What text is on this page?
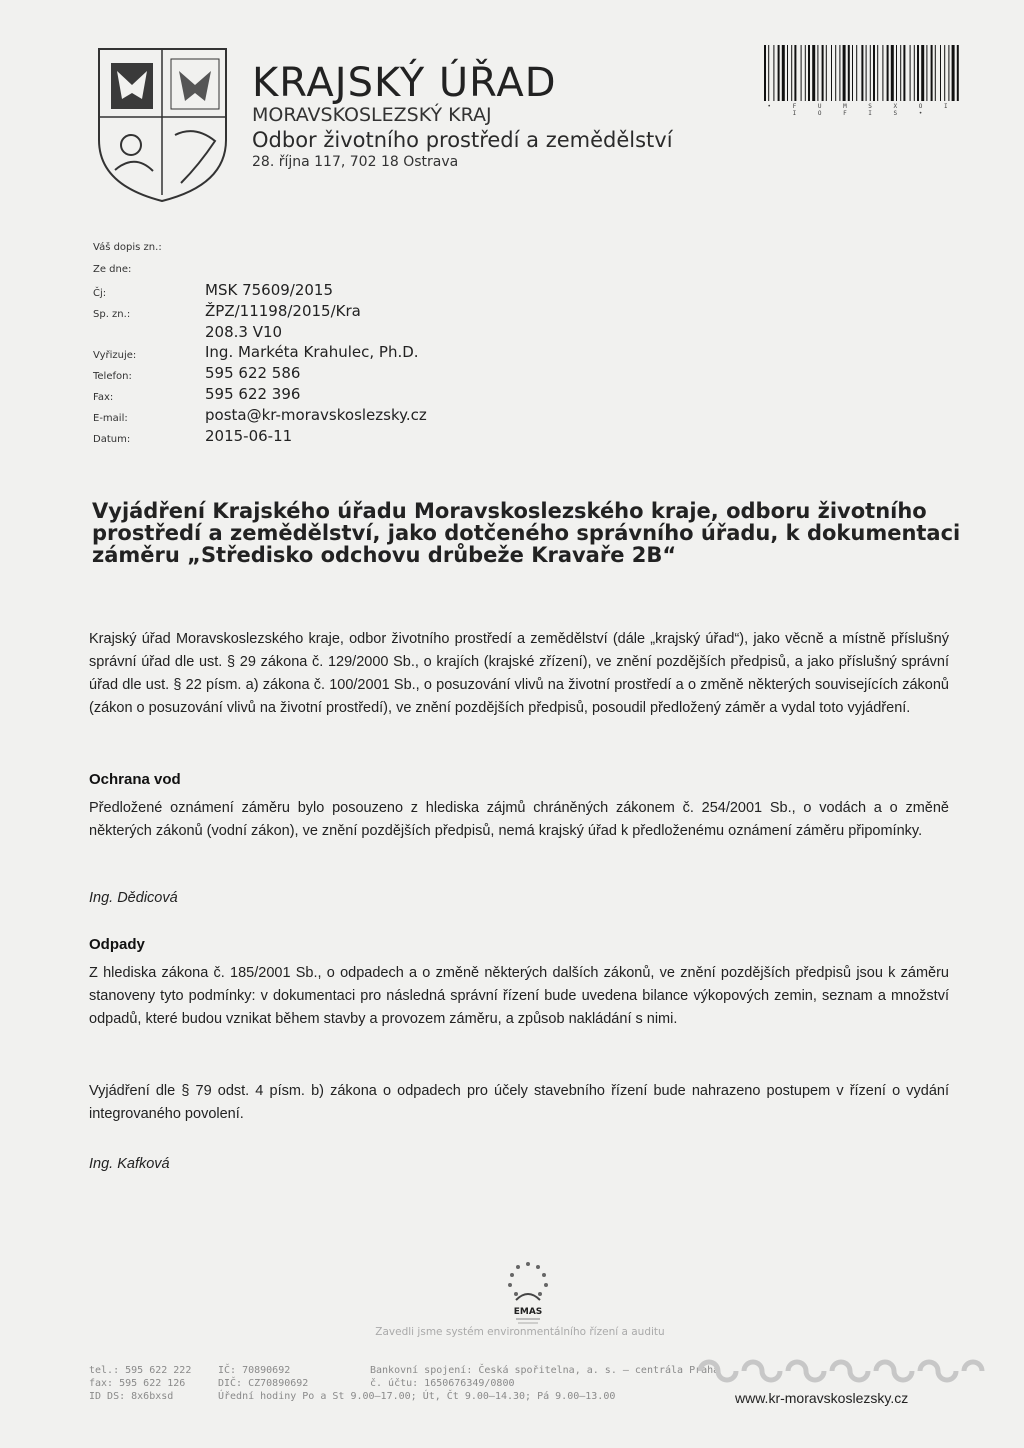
KRAJSKÝ ÚŘAD
MORAVSKOSLEZSKÝ KRAJ
Odbor životního prostředí a zemědělství
28. října 117, 702 18 Ostrava
• F U M S X O I I O F I S •
Váš dopis zn.:
Ze dne:
Čj:	MSK 75609/2015
Sp. zn.:	ŽPZ/11198/2015/Kra
208.3 V10
Vyřizuje:	Ing. Markéta Krahulec, Ph.D.
Telefon:	595 622 586
Fax:	595 622 396
E-mail:	posta@kr-moravskoslezsky.cz
Datum:	2015-06-11
Vyjádření Krajského úřadu Moravskoslezského kraje, odboru životního prostředí a zemědělství, jako dotčeného správního úřadu, k dokumentaci záměru „Středisko odchovu drůbeže Kravaře 2B“
Krajský úřad Moravskoslezského kraje, odbor životního prostředí a zemědělství (dále „krajský úřad“), jako věcně a místně příslušný správní úřad dle ust. § 29 zákona č. 129/2000 Sb., o krajích (krajské zřízení), ve znění pozdějších předpisů, a jako příslušný správní úřad dle ust. § 22 písm. a) zákona č. 100/2001 Sb., o posuzování vlivů na životní prostředí a o změně některých souvisejících zákonů (zákon o posuzování vlivů na životní prostředí), ve znění pozdějších předpisů, posoudil předložený záměr a vydal toto vyjádření.
Ochrana vod
Předložené oznámení záměru bylo posouzeno z hlediska zájmů chráněných zákonem č. 254/2001 Sb., o vodách a o změně některých zákonů (vodní zákon), ve znění pozdějších předpisů, nemá krajský úřad k předloženému oznámení záměru připomínky.
Ing. Dědicová
Odpady
Z hlediska zákona č. 185/2001 Sb., o odpadech a o změně některých dalších zákonů, ve znění pozdějších předpisů jsou k záměru stanoveny tyto podmínky: v dokumentaci pro následná správní řízení bude uvedena bilance výkopových zemin, seznam a množství odpadů, které budou vznikat během stavby a provozem záměru, a způsob nakládání s nimi.
Vyjádření dle § 79 odst. 4 písm. b) zákona o odpadech pro účely stavebního řízení bude nahrazeno postupem v řízení o vydání integrovaného povolení.
Ing. Kafková
EMAS
Zavedli jsme systém environmentálního řízení a auditu
tel.: 595 622 222
fax: 595 622 126
ID DS: 8x6bxsd
IČ: 70890692
DIČ: CZ70890692
Úřední hodiny Po a St 9.00–17.00; Út, Čt 9.00–14.30; Pá 9.00–13.00
Bankovní spojení: Česká spořitelna, a. s. – centrála Praha
č. účtu: 1650676349/0800
www.kr-moravskoslezsky.cz
